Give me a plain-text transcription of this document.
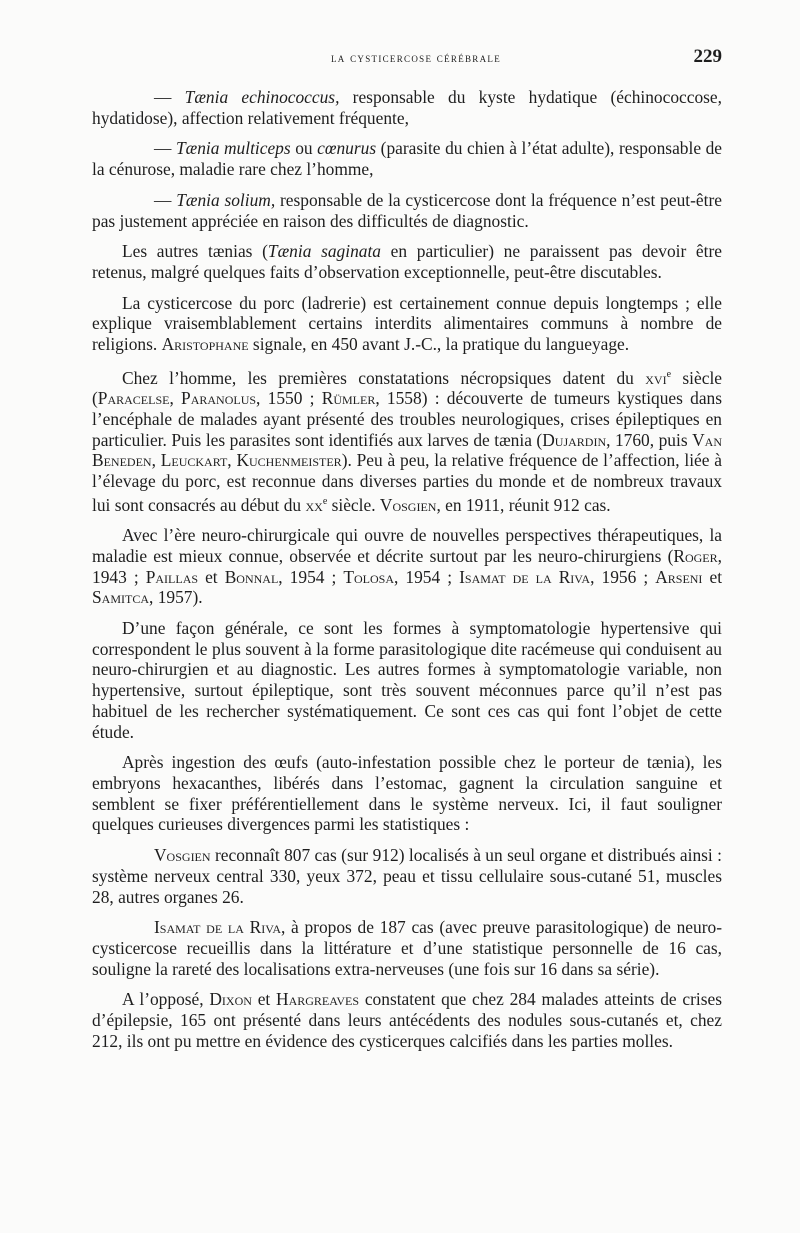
la cysticercose cérébrale	229

— Tænia echinococcus, responsable du kyste hydatique (échinococcose, hydatidose), affection relativement fréquente,

— Tænia multiceps ou cœnurus (parasite du chien à l’état adulte), responsable de la cénurose, maladie rare chez l’homme,

— Tænia solium, responsable de la cysticercose dont la fréquence n’est peut-être pas justement appréciée en raison des difficultés de diagnostic.

Les autres tænias (Tænia saginata en particulier) ne paraissent pas devoir être retenus, malgré quelques faits d’observation exceptionnelle, peut-être discutables.

La cysticercose du porc (ladrerie) est certainement connue depuis longtemps ; elle explique vraisemblablement certains interdits alimentaires communs à nombre de religions. Aristophane signale, en 450 avant J.-C., la pratique du langueyage.

Chez l’homme, les premières constatations nécropsiques datent du xvi$^e$ siècle (Paracelse, Paranolus, 1550 ; Rümler, 1558) : découverte de tumeurs kystiques dans l’encéphale de malades ayant présenté des troubles neurologiques, crises épileptiques en particulier. Puis les parasites sont identifiés aux larves de tænia (Dujardin, 1760, puis Van Beneden, Leuckart, Kuchenmeister). Peu à peu, la relative fréquence de l’affection, liée à l’élevage du porc, est reconnue dans diverses parties du monde et de nombreux travaux lui sont consacrés au début du $xx^e$ siècle. Vosgien, en 1911, réunit 912 cas.

Avec l’ère neuro-chirurgicale qui ouvre de nouvelles perspectives thérapeutiques, la maladie est mieux connue, observée et décrite surtout par les neuro-chirurgiens (Roger, 1943 ; Paillas et Bonnal, 1954 ; Tolosa, 1954 ; Isamat de la Riva, 1956 ; Arseni et Samitca, 1957).

D’une façon générale, ce sont les formes à symptomatologie hypertensive qui correspondent le plus souvent à la forme parasitologique dite racémeuse qui conduisent au neuro-chirurgien et au diagnostic. Les autres formes à symptomatologie variable, non hypertensive, surtout épileptique, sont très souvent méconnues parce qu’il n’est pas habituel de les rechercher systématiquement. Ce sont ces cas qui font l’objet de cette étude.

Après ingestion des œufs (auto-infestation possible chez le porteur de tænia), les embryons hexacanthes, libérés dans l’estomac, gagnent la circulation sanguine et semblent se fixer préférentiellement dans le système nerveux. Ici, il faut souligner quelques curieuses divergences parmi les statistiques :

Vosgien reconnaît 807 cas (sur 912) localisés à un seul organe et distribués ainsi : système nerveux central 330, yeux 372, peau et tissu cellulaire sous-cutané 51, muscles 28, autres organes 26.

Isamat de la Riva, à propos de 187 cas (avec preuve parasitologique) de neuro-cysticercose recueillis dans la littérature et d’une statistique personnelle de 16 cas, souligne la rareté des localisations extra-nerveuses (une fois sur 16 dans sa série).

A l’opposé, Dixon et Hargreaves constatent que chez 284 malades atteints de crises d’épilepsie, 165 ont présenté dans leurs antécédents des nodules sous-cutanés et, chez 212, ils ont pu mettre en évidence des cysticerques calcifiés dans les parties molles.
